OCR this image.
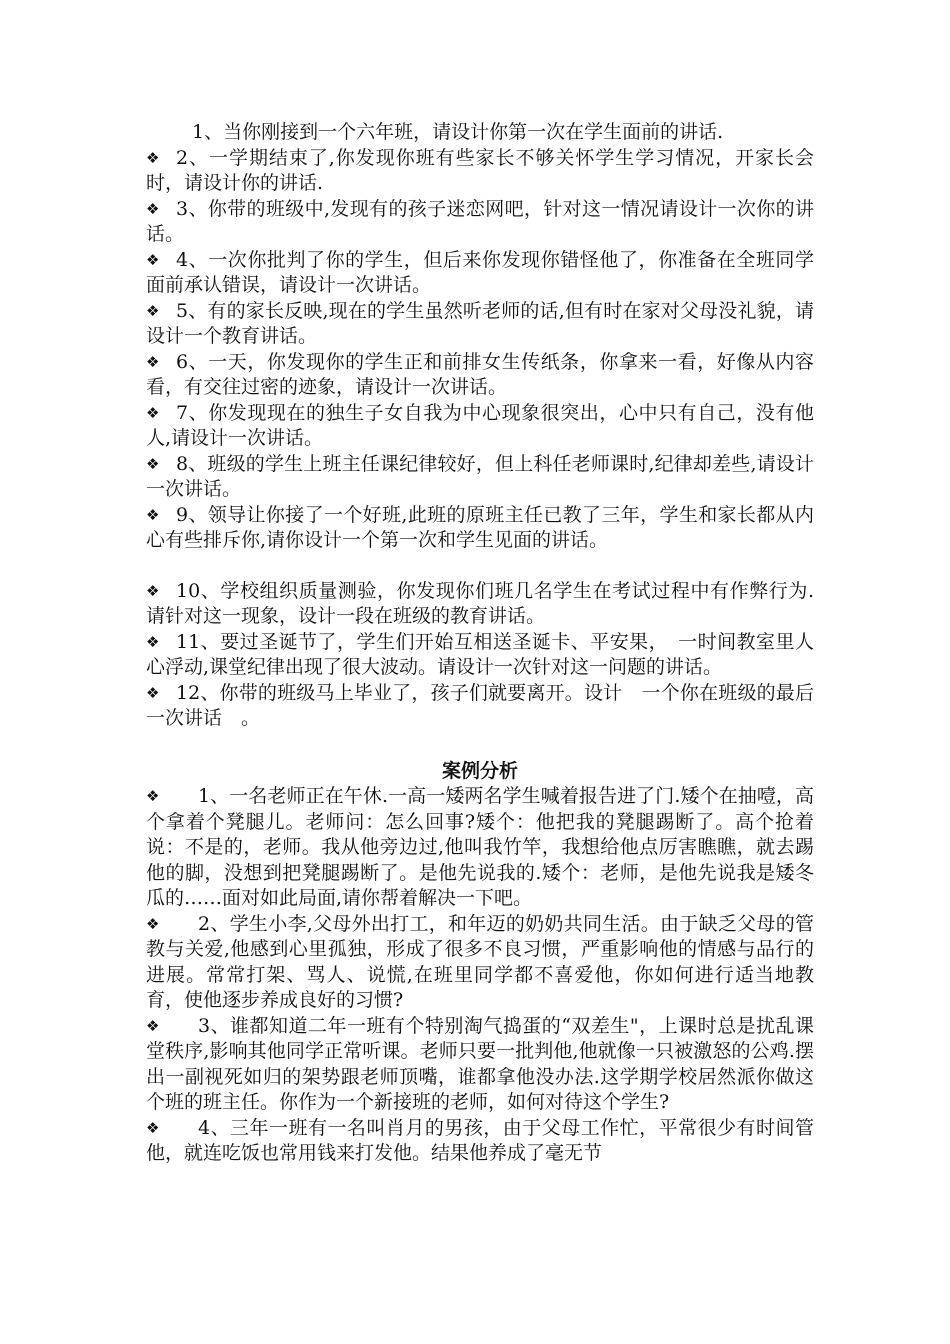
1、当你刚接到一个六年班，请设计你第一次在学生面前的讲话.

❖ 2、一学期结束了,你发现你班有些家长不够关怀学生学习情况，开家长会时，请设计你的讲话.

❖ 3、你带的班级中,发现有的孩子迷恋网吧，针对这一情况请设计一次你的讲话。

❖ 4、一次你批判了你的学生，但后来你发现你错怪他了，你准备在全班同学面前承认错误，请设计一次讲话。

❖ 5、有的家长反映,现在的学生虽然听老师的话,但有时在家对父母没礼貌，请设计一个教育讲话。

❖ 6、一天，你发现你的学生正和前排女生传纸条，你拿来一看，好像从内容看，有交往过密的迹象，请设计一次讲话。

❖ 7、你发现现在的独生子女自我为中心现象很突出，心中只有自己，没有他人,请设计一次讲话。

❖ 8、班级的学生上班主任课纪律较好，但上科任老师课时,纪律却差些,请设计一次讲话。

❖ 9、领导让你接了一个好班,此班的原班主任已教了三年，学生和家长都从内心有些排斥你,请你设计一个第一次和学生见面的讲话。

❖ 10、学校组织质量测验，你发现你们班几名学生在考试过程中有作弊行为.请针对这一现象，设计一段在班级的教育讲话。

❖ 11、要过圣诞节了，学生们开始互相送圣诞卡、平安果，　一时间教室里人心浮动,课堂纪律出现了很大波动。请设计一次针对这一问题的讲话。

❖ 12、你带的班级马上毕业了，孩子们就要离开。设计　一个你在班级的最后一次讲话　。

案例分析

❖ 1、一名老师正在午休.一高一矮两名学生喊着报告进了门.矮个在抽噎，高个拿着个凳腿儿。老师问：怎么回事?矮个：他把我的凳腿踢断了。高个抢着说：不是的，老师。我从他旁边过,他叫我竹竿，我想给他点厉害瞧瞧，就去踢他的脚，没想到把凳腿踢断了。是他先说我的.矮个：老师，是他先说我是矮冬瓜的……面对如此局面,请你帮着解决一下吧。

❖ 2、学生小李,父母外出打工，和年迈的奶奶共同生活。由于缺乏父母的管教与关爱,他感到心里孤独，形成了很多不良习惯，严重影响他的情感与品行的进展。常常打架、骂人、说慌,在班里同学都不喜爱他，你如何进行适当地教育，使他逐步养成良好的习惯?

❖ 3、谁都知道二年一班有个特别淘气捣蛋的“双差生"，上课时总是扰乱课堂秩序,影响其他同学正常听课。老师只要一批判他,他就像一只被激怒的公鸡.摆出一副视死如归的架势跟老师顶嘴，谁都拿他没办法.这学期学校居然派你做这个班的班主任。你作为一个新接班的老师，如何对待这个学生?

❖ 4、三年一班有一名叫肖月的男孩，由于父母工作忙，平常很少有时间管他，就连吃饭也常用钱来打发他。结果他养成了毫无节
